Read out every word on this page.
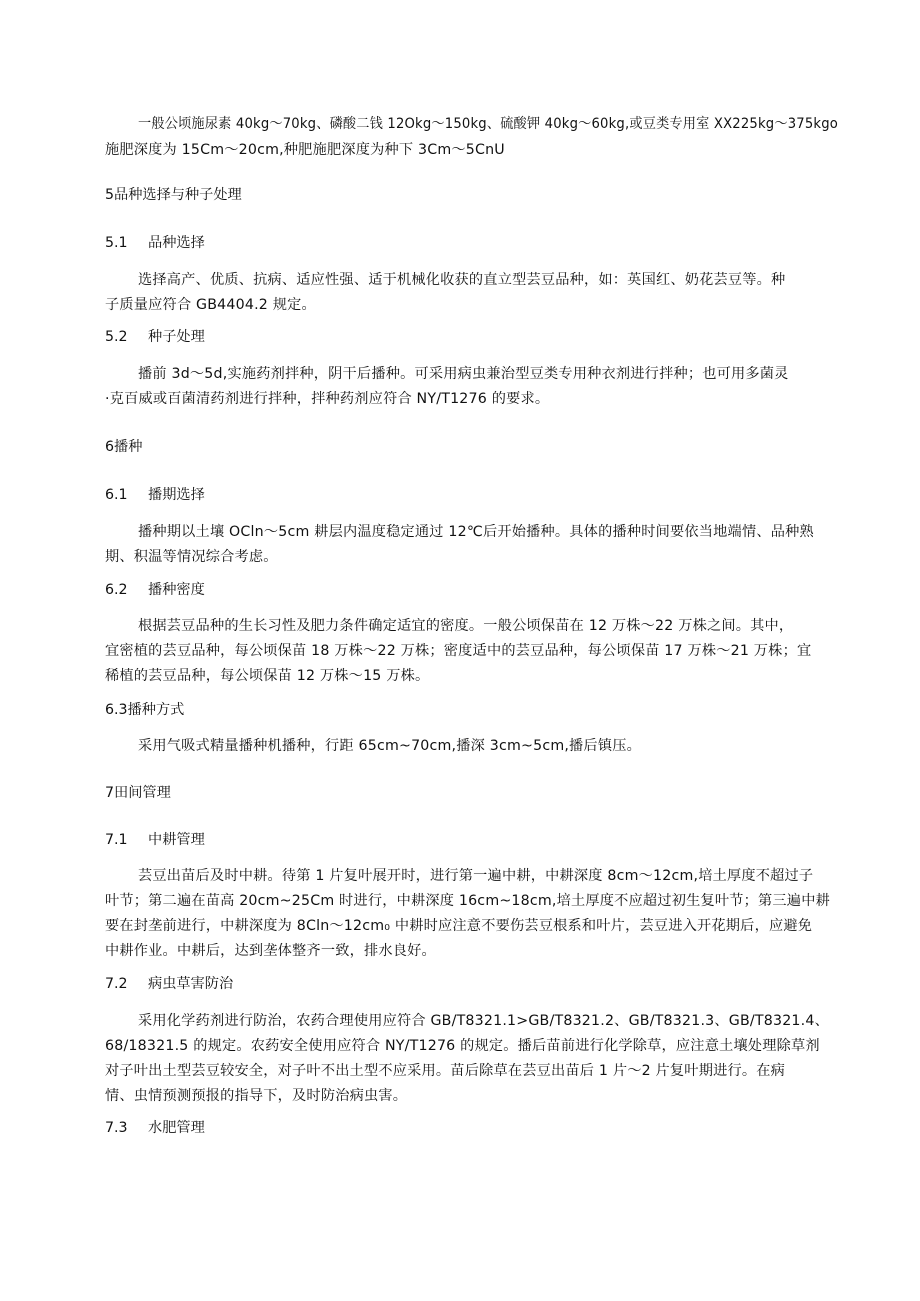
一般公顷施尿素 40kg～70kg、磷酸二钱 12Okg～150kg、硫酸钾 40kg～60kg,或豆类专用室 XX225kg～375kgo
施肥深度为 15Cm～20cm,种肥施肥深度为种下 3Cm～5CnU
5品种选择与种子处理
5.1 品种选择
选择高产、优质、抗病、适应性强、适于机械化收获的直立型芸豆品种，如：英国红、奶花芸豆等。种
子质量应符合 GB4404.2 规定。
5.2 种子处理
播前 3d～5d,实施药剂拌种，阴干后播种。可采用病虫兼治型豆类专用种衣剂进行拌种；也可用多菌灵
·克百威或百菌清药剂进行拌种，拌种药剂应符合 NY/T1276 的要求。
6播种
6.1 播期选择
播种期以土壤 OCln～5cm 耕层内温度稳定通过 12℃后开始播种。具体的播种时间要依当地端情、品种熟
期、积温等情况综合考虑。
6.2 播种密度
根据芸豆品种的生长习性及肥力条件确定适宜的密度。一般公顷保苗在 12 万株～22 万株之间。其中，
宜密植的芸豆品种，每公顷保苗 18 万株～22 万株；密度适中的芸豆品种，每公顷保苗 17 万株～21 万株；宜
稀植的芸豆品种，每公顷保苗 12 万株～15 万株。
6.3播种方式
采用气吸式精量播种机播种，行距 65cm~70cm,播深 3cm~5cm,播后镇压。
7田间管理
7.1 中耕管理
芸豆出苗后及时中耕。待第 1 片复叶展开时，进行第一遍中耕，中耕深度 8cm～12cm,培土厚度不超过子
叶节；第二遍在苗高 20cm~25Cm 时进行，中耕深度 16cm~18cm,培土厚度不应超过初生复叶节；第三遍中耕
要在封垄前进行，中耕深度为 8Cln～12cm₀ 中耕时应注意不要伤芸豆根系和叶片，芸豆进入开花期后，应避免
中耕作业。中耕后，达到垄体整齐一致，排水良好。
7.2 病虫草害防治
采用化学药剂进行防治，农药合理使用应符合 GB/T8321.1>GB/T8321.2、GB/T8321.3、GB/T8321.4、
68/18321.5 的规定。农药安全使用应符合 NY/T1276 的规定。播后苗前进行化学除草，应注意土壤处理除草剂
对子叶出土型芸豆较安全，对子叶不出土型不应采用。苗后除草在芸豆出苗后 1 片～2 片复叶期进行。在病
情、虫情预测预报的指导下，及时防治病虫害。
7.3 水肥管理
